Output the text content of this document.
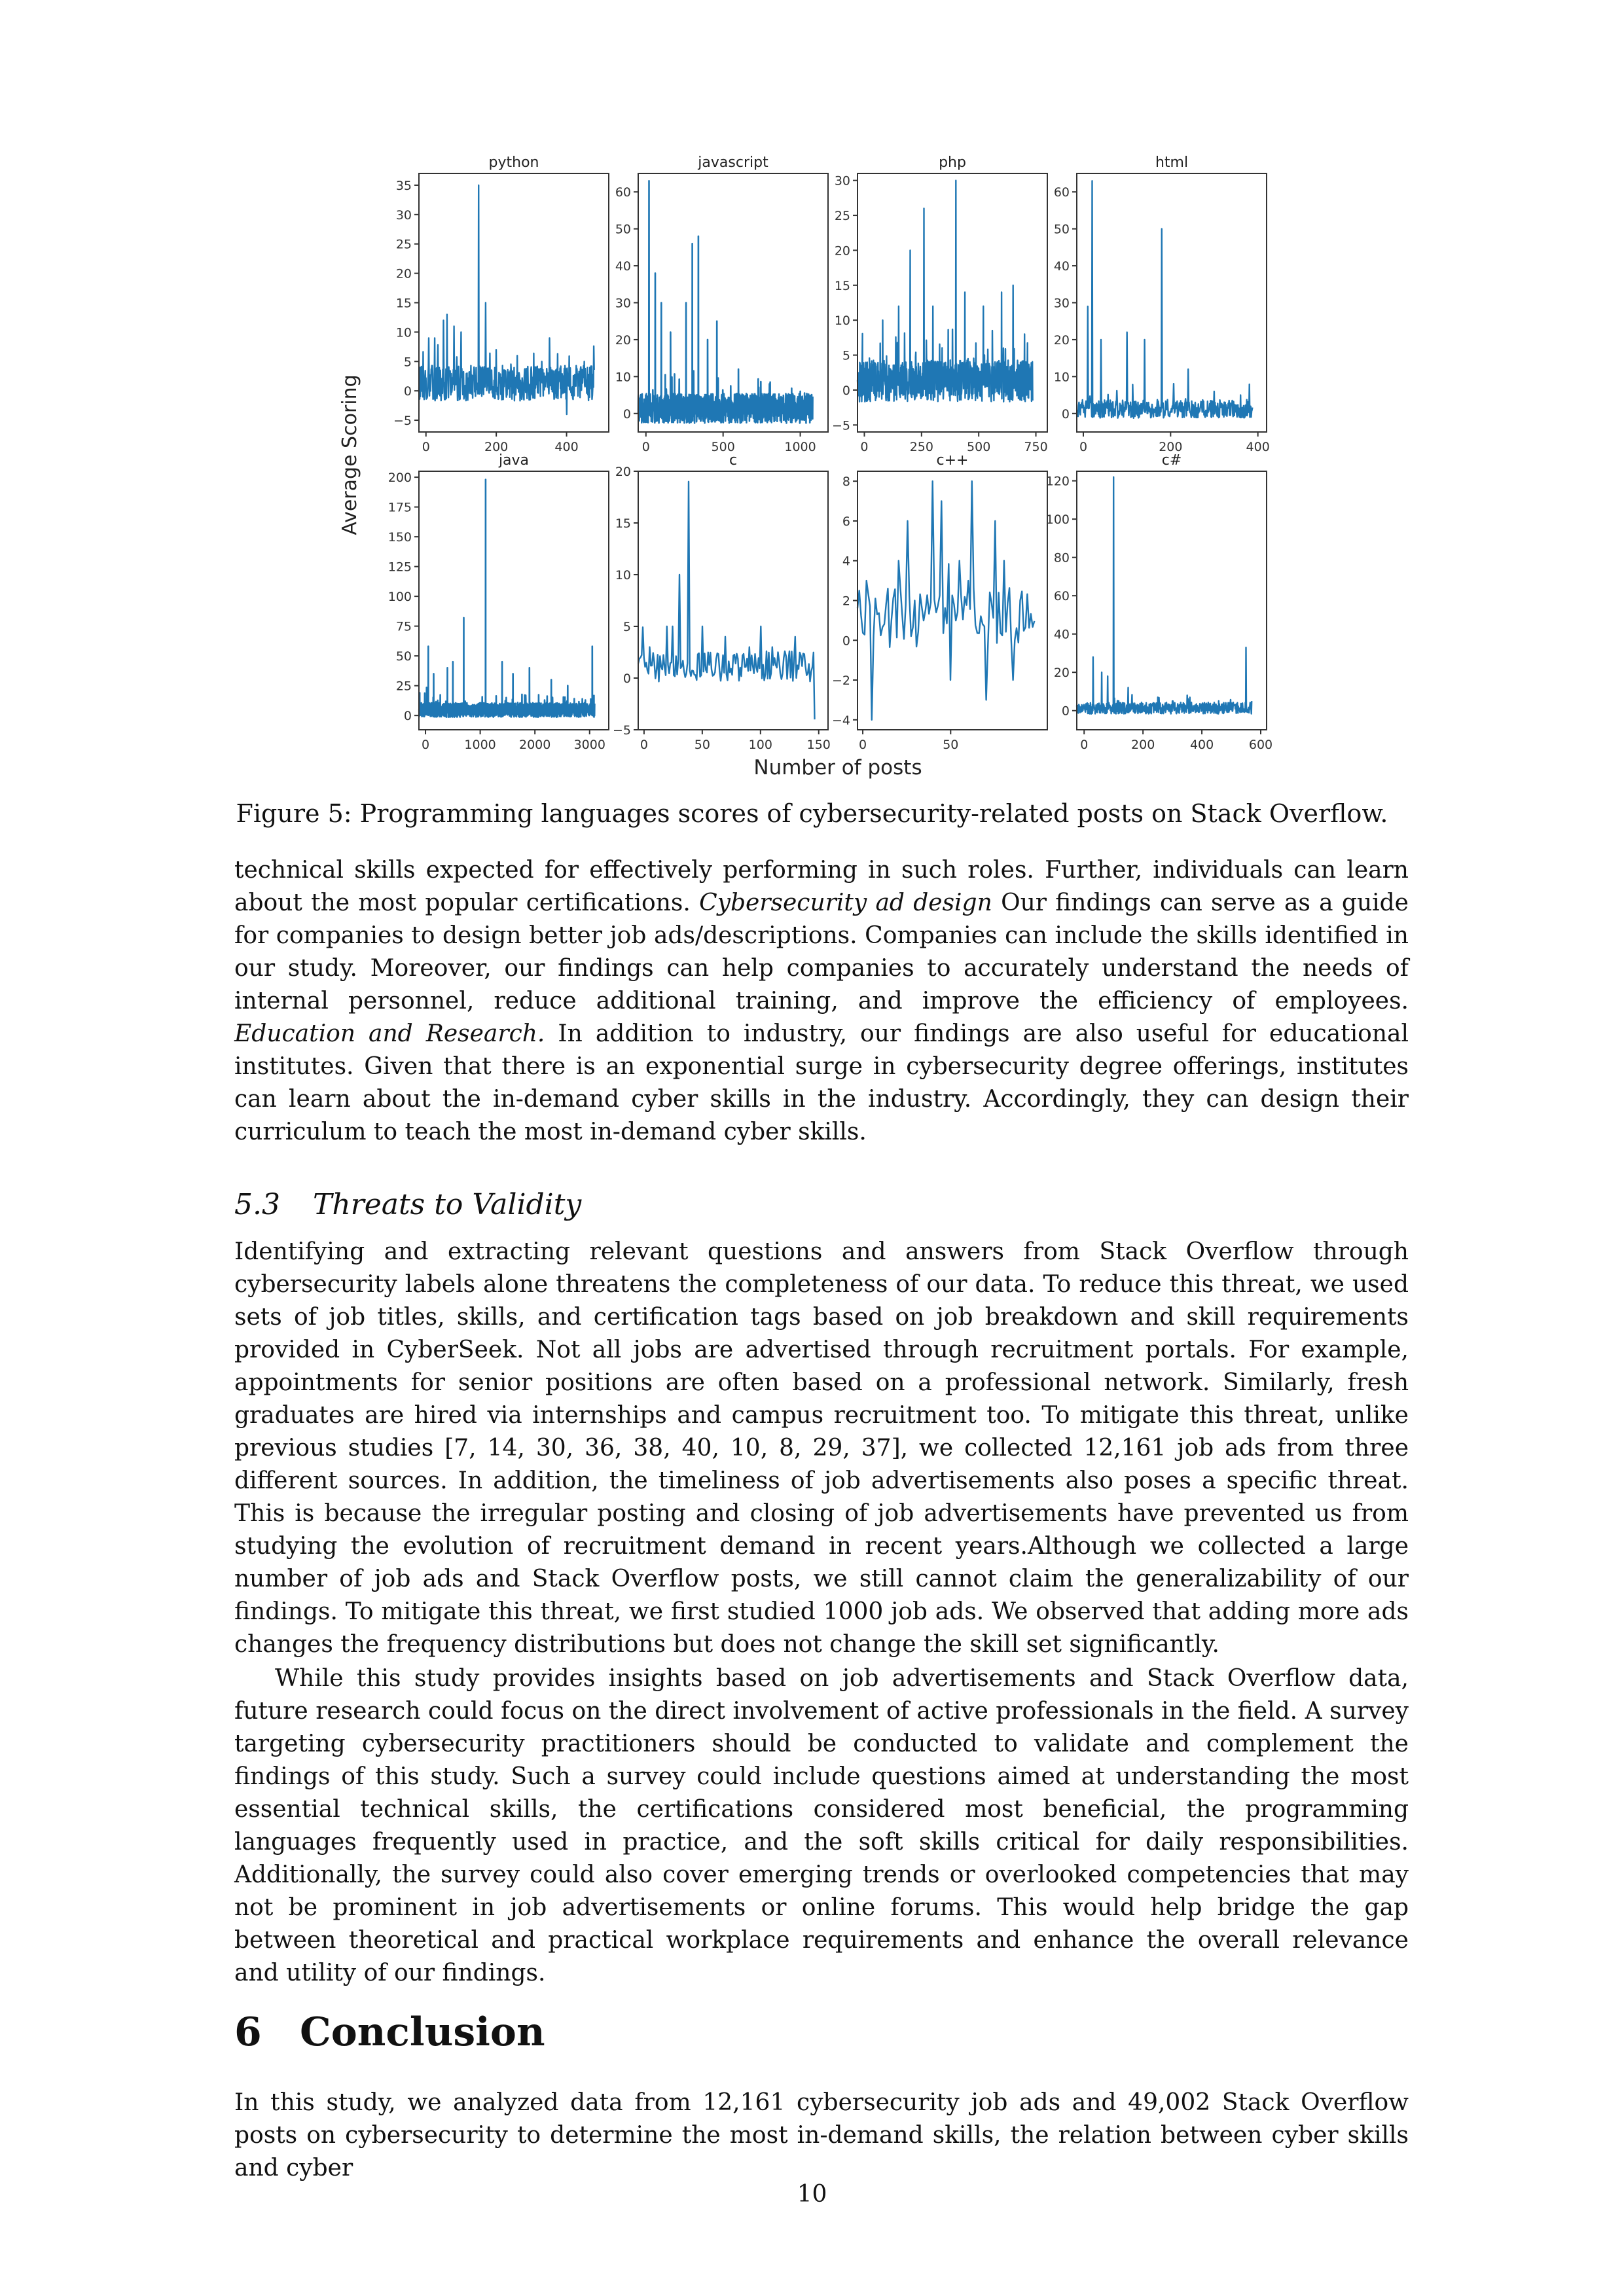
python
−5
0
5
10
15
20
25
30
35
0	200	400
javascript
0
10
20
30
40
50
60
0	500	1000
php
−5
0
5
10
15
20
25
30
0	250	500	750
html
0
10
20
30
40
50
60
0	200	400
java
0
25
50
75
100
125
150
175
200
0	1000 2000 3000
c
−5
0
5
10
15
20
0	50	100	150
c++
−4
−2
0
2
4
6
8
0	50
c#
0
20
40
60
80
100
120
0	200	400	600
Average Scoring
Number of posts
Figure 5: Programming languages scores of cybersecurity-related posts on Stack Overflow.

technical skills expected for effectively performing in such roles. Further, individuals can learn about the most popular certifications. Cybersecurity ad design Our findings can serve as a guide for companies to design better job ads/descriptions. Companies can include the skills identified in our study. Moreover, our findings can help companies to accurately understand the needs of internal personnel, reduce additional training, and improve the efficiency of employees. Education and Research. In addition to industry, our findings are also useful for educational institutes. Given that there is an exponential surge in cybersecurity degree offerings, institutes can learn about the in-demand cyber skills in the industry. Accordingly, they can design their curriculum to teach the most in-demand cyber skills.

5.3 Threats to Validity

Identifying and extracting relevant questions and answers from Stack Overflow through cybersecurity labels alone threatens the completeness of our data. To reduce this threat, we used sets of job titles, skills, and certification tags based on job breakdown and skill requirements provided in CyberSeek. Not all jobs are advertised through recruitment portals. For example, appointments for senior positions are often based on a professional network. Similarly, fresh graduates are hired via internships and campus recruitment too. To mitigate this threat, unlike previous studies [7, 14, 30, 36, 38, 40, 10, 8, 29, 37], we collected 12,161 job ads from three different sources. In addition, the timeliness of job advertisements also poses a specific threat. This is because the irregular posting and closing of job advertisements have prevented us from studying the evolution of recruitment demand in recent years.Although we collected a large number of job ads and Stack Overflow posts, we still cannot claim the generalizability of our findings. To mitigate this threat, we first studied 1000 job ads. We observed that adding more ads changes the frequency distributions but does not change the skill set significantly.

While this study provides insights based on job advertisements and Stack Overflow data, future research could focus on the direct involvement of active professionals in the field. A survey targeting cybersecurity practitioners should be conducted to validate and complement the findings of this study. Such a survey could include questions aimed at understanding the most essential technical skills, the certifications considered most beneficial, the programming languages frequently used in practice, and the soft skills critical for daily responsibilities. Additionally, the survey could also cover emerging trends or overlooked competencies that may not be prominent in job advertisements or online forums. This would help bridge the gap between theoretical and practical workplace requirements and enhance the overall relevance and utility of our findings.

6 Conclusion

In this study, we analyzed data from 12,161 cybersecurity job ads and 49,002 Stack Overflow posts on cybersecurity to determine the most in-demand skills, the relation between cyber skills and cyber

10
